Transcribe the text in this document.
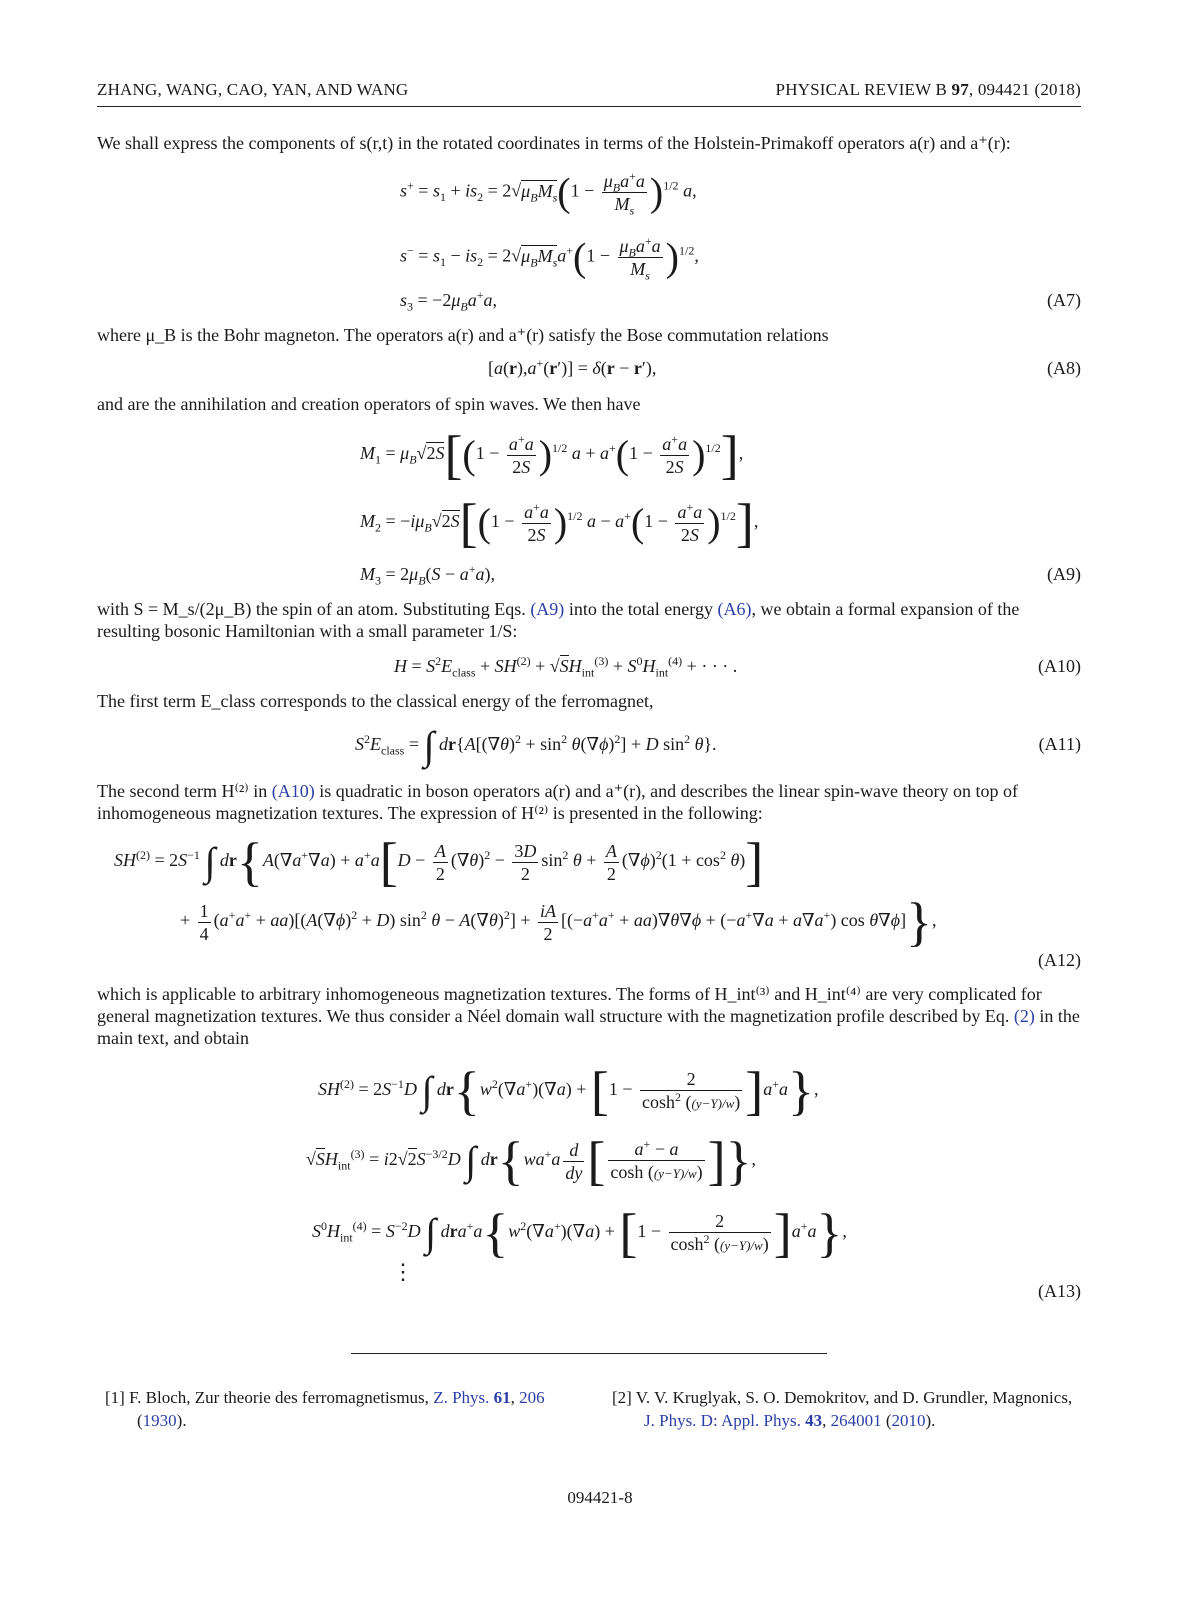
ZHANG, WANG, CAO, YAN, AND WANG	PHYSICAL REVIEW B 97, 094421 (2018)
We shall express the components of s(r,t) in the rotated coordinates in terms of the Holstein-Primakoff operators a(r) and a⁺(r):
$s^+ = s_1 + is_2 = 2√\mu_BM_s(1 - \frac{\mu_Ba^+a}{M_s} )^{1/2}$ a,
$s^- = s_1 - is_2 = 2√\mu_BM_sa^+(1 - \frac{\mu_Ba^+a}{M_s} )^{1/2}$,
$s_3 = -2\mu_Ba^+a$,	(A7)
where μ_B is the Bohr magneton. The operators a(r) and a⁺(r) satisfy the Bose commutation relations
[a(r),a+(r′)] = δ(r − r′),	(A8)
and are the annihilation and creation operators of spin waves. We then have
$M_1 = \mu_B√2S[(1 - \frac{a^+a}{2S} )^{1/2}$ $a + a^+(1 - \frac{a^+a}{2S} )^{1/2}$],
$M_2 = -i\mu_B√2S[(1 - \frac{a^+a}{2S} )^{1/2}$ $a - a^+(1 - \frac{a^+a}{2S} )^{1/2}$],
$M_3 = 2\mu_B(S - a^+a)$,	(A9)
with S = M_s/(2μ_B) the spin of an atom. Substituting Eqs. (A9) into the total energy (A6), we obtain a formal expansion of the resulting bosonic Hamiltonian with a small parameter 1/S:
$H = S^2E_{class} + SH^{(2)} + √SH_{int}^{(3)} + S^0H_{int}^{(4)}$ + · · · .	(A10)
The first term E_class corresponds to the classical energy of the ferromagnet,
$S^2E_{class}$ = ∫ $dr\{A[(\nabla\theta)^2 + \sin^2 \theta(\nabla\phi)^2] + D$ $\sin^2 \theta$}.	(A11)
The second term H⁽²⁾ in (A10) is quadratic in boson operators a(r) and a⁺(r), and describes the linear spin-wave theory on top of inhomogeneous magnetization textures. The expression of H⁽²⁾ is presented in the following:
$SH^{(2)} = 2S^{-1}$ ∫ $dr\{A(\nabla a^+\nabla a) + a^+a[D - \frac{A}{2} (\nabla\theta)^2 - \frac{3D}{2} \sin^2 \theta + \frac{A}{2} (\nabla\phi)^2(1 + \cos^2 \theta)]$
+ $\frac{1}{4} (a^+a^+ + aa)[(A(\nabla\phi)^2 + D)$ $\sin^2 \theta - A(\nabla\theta)^2] + \frac{iA}{2} [(-a^+a^+ + aa)\nabla\theta\nabla\phi + (-a^+\nabla a + a\nabla a^+)$ cos θ∇ϕ]},
(A12)
which is applicable to arbitrary inhomogeneous magnetization textures. The forms of H_int⁽³⁾ and H_int⁽⁴⁾ are very complicated for general magnetization textures. We thus consider a Néel domain wall structure with the magnetization profile described by Eq. (2) in the main text, and obtain
$SH^{(2)} = 2S^{-1}D$ ∫ $dr\{w^2(\nabla a^+)(\nabla a) + [1 - \frac{2}{\cosh^2 ((y-Y)/w)} ]a^+a\}$,
$√SH_{int}^{(3)} = i2√2S^{-3/2}D$ ∫ $dr\{wa^+a \frac{d}{dy}$ [ $\frac{a^+ - a}{\cosh ((y-Y)/w)}$ ]},
$S^0H_{int}^{(4)} = S^{-2}D$ ∫ $dra^+a\{w^2(\nabla a^+)(\nabla a) + [1 - \frac{2}{\cosh^2 ((y-Y)/w)} ]a^+a\}$,
⋮
(A13)
[1] F. Bloch, Zur theorie des ferromagnetismus, Z. Phys. 61, 206 (1930).
[2] V. V. Kruglyak, S. O. Demokritov, and D. Grundler, Magnonics, J. Phys. D: Appl. Phys. 43, 264001 (2010).
094421-8
